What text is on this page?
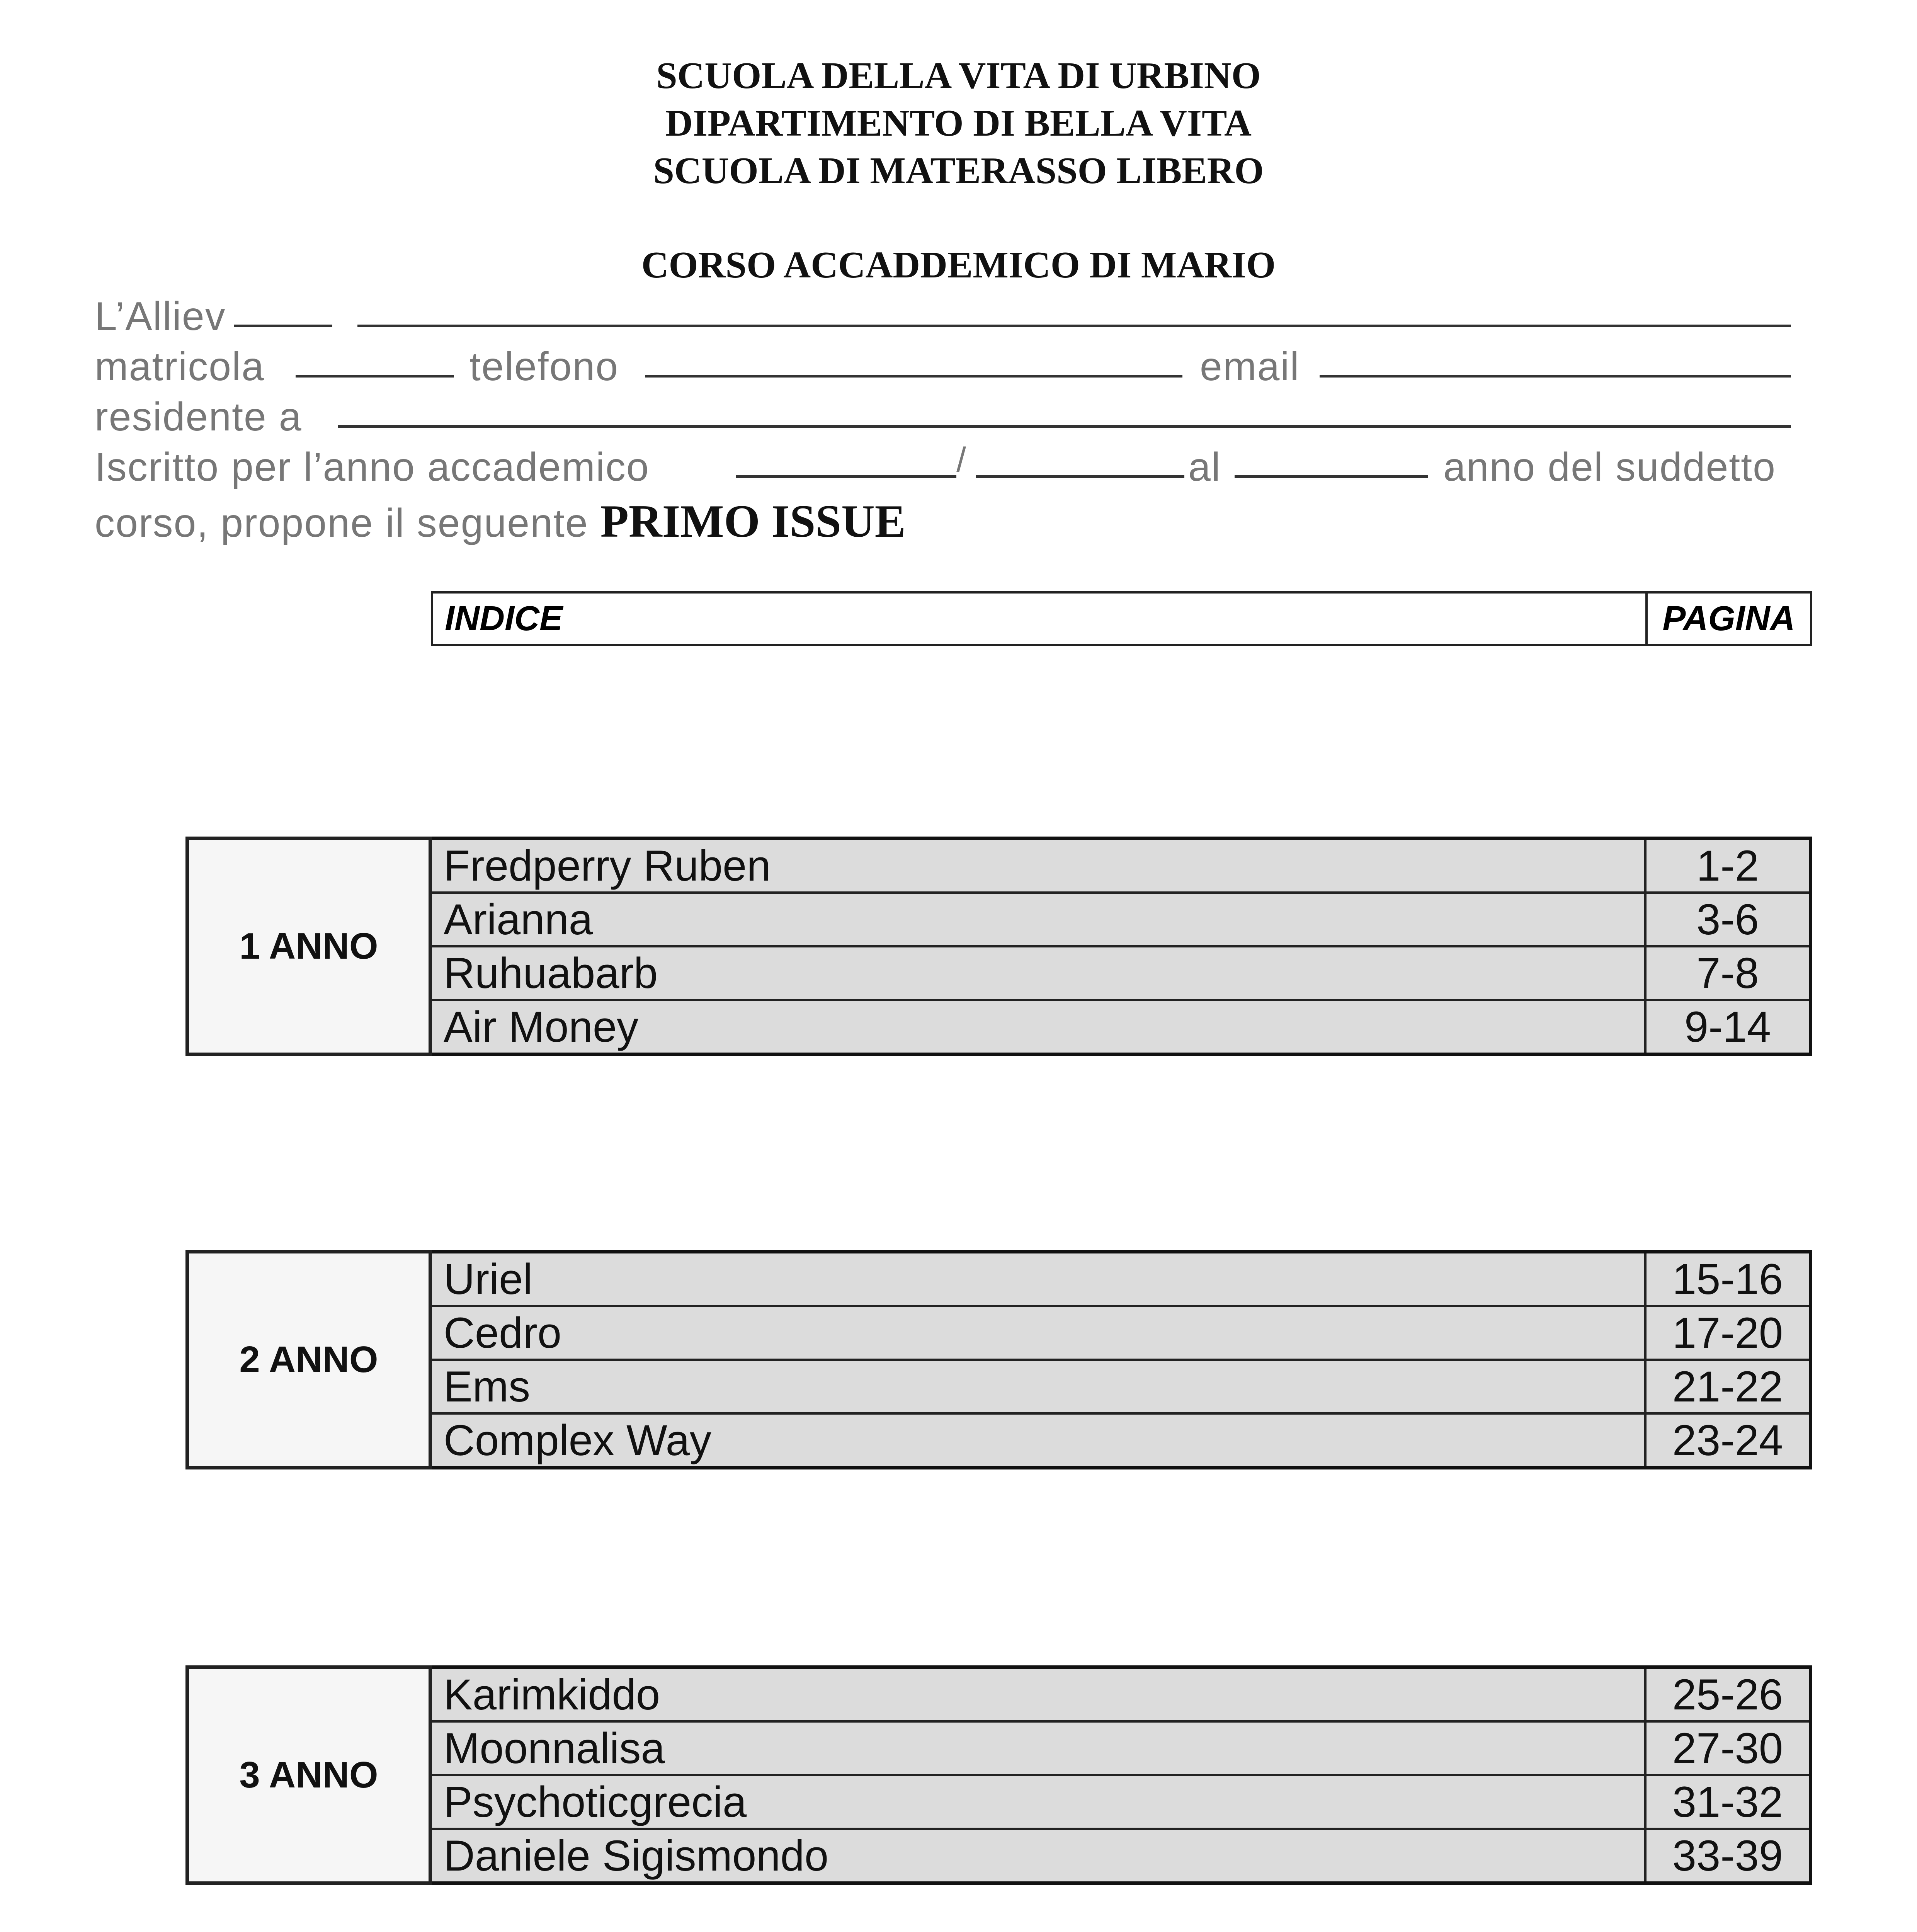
SCUOLA DELLA VITA DI URBINO
DIPARTIMENTO DI BELLA VITA
SCUOLA DI MATERASSO LIBERO
CORSO ACCADDEMICO DI MARIO
L’Alliev
matricola	telefono	email
residente a
Iscritto per l’anno accademico	/	al	anno del suddetto
corso, propone il seguente PRIMO ISSUE
INDICE	PAGINA
1 ANNO	Fredperry Ruben	1-2
	Arianna	3-6
	Ruhuabarb	7-8
	Air Money	9-14
2 ANNO	Uriel	15-16
	Cedro	17-20
	Ems	21-22
	Complex Way	23-24
3 ANNO	Karimkiddo	25-26
	Moonnalisa	27-30
	Psychoticgrecia	31-32
	Daniele Sigismondo	33-39
